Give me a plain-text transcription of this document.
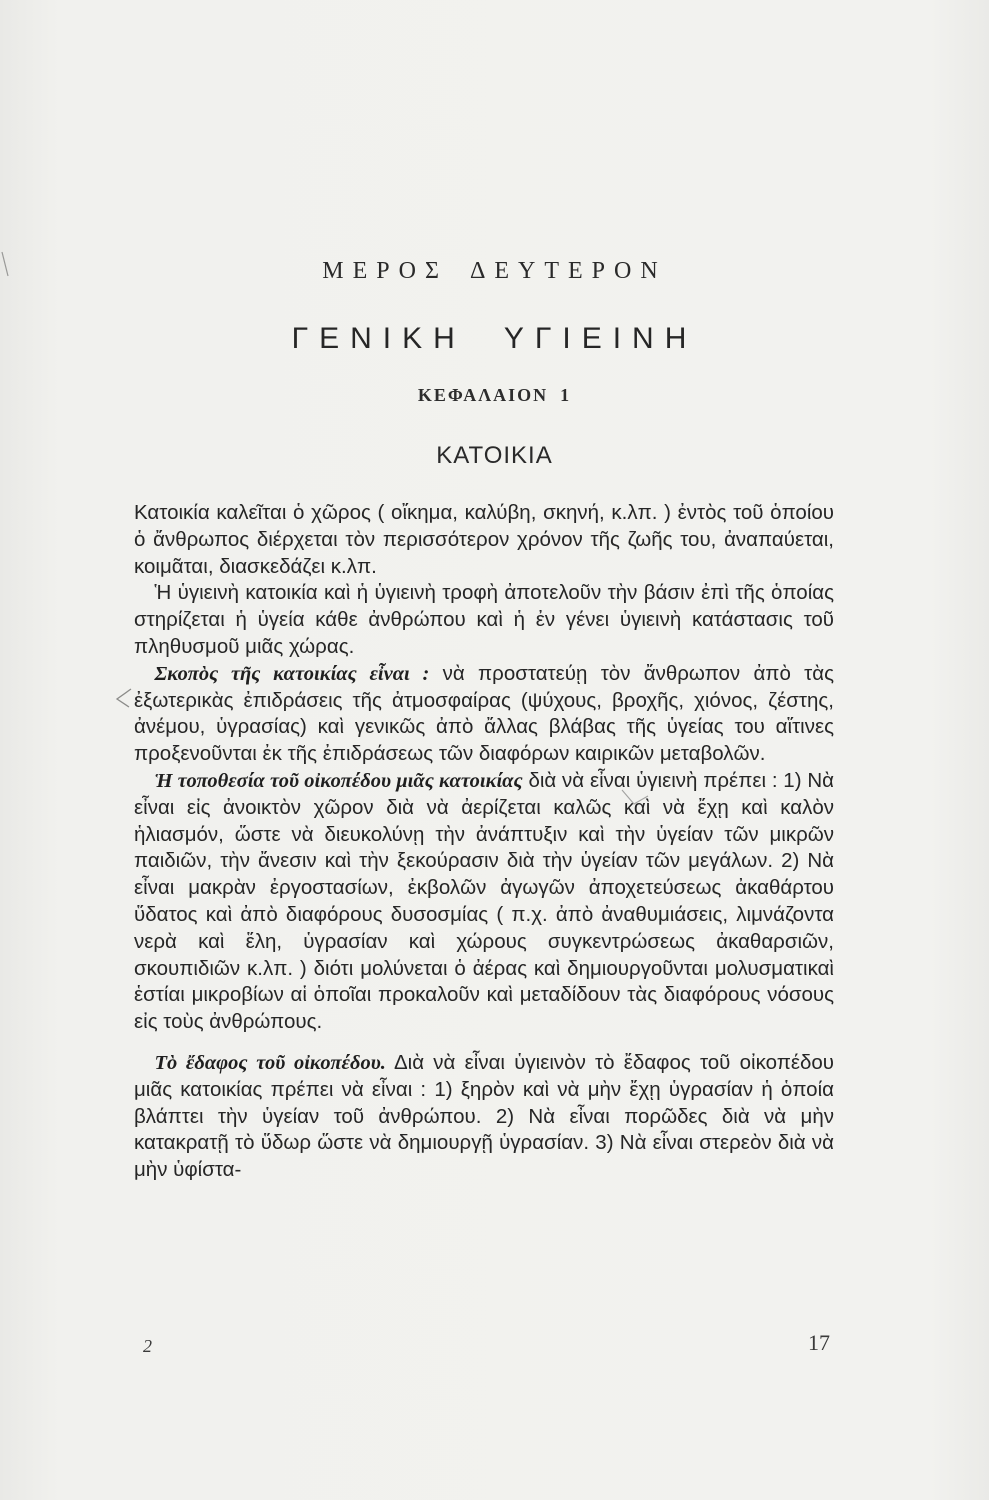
ΜΕΡΟΣ ΔΕΥΤΕΡΟΝ
ΓΕΝΙΚΗ ΥΓΙΕΙΝΗ
ΚΕΦΑΛΑΙΟΝ 1
ΚΑΤΟΙΚΙΑ

Κατοικία καλεῖται ὁ χῶρος ( οἴκημα, καλύβη, σκηνή, κ.λπ. ) ἐντὸς τοῦ ὁποίου ὁ ἄνθρωπος διέρχεται τὸν περισσότερον χρόνον τῆς ζωῆς του, ἀναπαύεται, κοιμᾶται, διασκεδάζει κ.λπ.

 Ἡ ὑγιεινὴ κατοικία καὶ ἡ ὑγιεινὴ τροφὴ ἀποτελοῦν τὴν βάσιν ἐπὶ τῆς ὁποίας στηρίζεται ἡ ὑγεία κάθε ἀνθρώπου καὶ ἡ ἐν γένει ὑγιεινὴ κατάστασις τοῦ πληθυσμοῦ μιᾶς χώρας.

 Σκοπὸς τῆς κατοικίας εἶναι : νὰ προστατεύῃ τὸν ἄνθρωπον ἀπὸ τὰς ἐξωτερικὰς ἐπιδράσεις τῆς ἀτμοσφαίρας (ψύχους, βροχῆς, χιόνος, ζέστης, ἀνέμου, ὑγρασίας) καὶ γενικῶς ἀπὸ ἄλλας βλάβας τῆς ὑγείας του αἵτινες προξενοῦνται ἐκ τῆς ἐπιδράσεως τῶν διαφόρων καιρικῶν μεταβολῶν.

 Ἡ τοποθεσία τοῦ οἰκοπέδου μιᾶς κατοικίας διὰ νὰ εἶναι ὑγιεινὴ πρέπει : 1) Νὰ εἶναι εἰς ἀνοικτὸν χῶρον διὰ νὰ ἀερίζεται καλῶς καὶ νὰ ἔχῃ καὶ καλὸν ἡλιασμόν, ὥστε νὰ διευκολύνῃ τὴν ἀνάπτυξιν καὶ τὴν ὑγείαν τῶν μικρῶν παιδιῶν, τὴν ἄνεσιν καὶ τὴν ξεκούρασιν διὰ τὴν ὑγείαν τῶν μεγάλων. 2) Νὰ εἶναι μακρὰν ἐργοστασίων, ἐκβολῶν ἀγωγῶν ἀποχετεύσεως ἀκαθάρτου ὕδατος καὶ ἀπὸ διαφόρους δυσοσμίας ( π.χ. ἀπὸ ἀναθυμιάσεις, λιμνάζοντα νερὰ καὶ ἕλη, ὑγρασίαν καὶ χώρους συγκεντρώσεως ἀκαθαρσιῶν, σκουπιδιῶν κ.λπ. ) διότι μολύνεται ὁ ἀέρας καὶ δημιουργοῦνται μολυσματικαὶ ἑστίαι μικροβίων αἱ ὁποῖαι προκαλοῦν καὶ μεταδίδουν τὰς διαφόρους νόσους εἰς τοὺς ἀνθρώπους.

 Τὸ ἔδαφος τοῦ οἰκοπέδου. Διὰ νὰ εἶναι ὑγιεινὸν τὸ ἔδαφος τοῦ οἰκοπέδου μιᾶς κατοικίας πρέπει νὰ εἶναι : 1) ξηρὸν καὶ νὰ μὴν ἔχῃ ὑγρασίαν ἡ ὁποία βλάπτει τὴν ὑγείαν τοῦ ἀνθρώπου. 2) Νὰ εἶναι πορῶδες διὰ νὰ μὴν κατακρατῇ τὸ ὕδωρ ὥστε νὰ δημιουργῇ ὑγρασίαν. 3) Νὰ εἶναι στερεὸν διὰ νὰ μὴν ὑφίστα-

2	17
